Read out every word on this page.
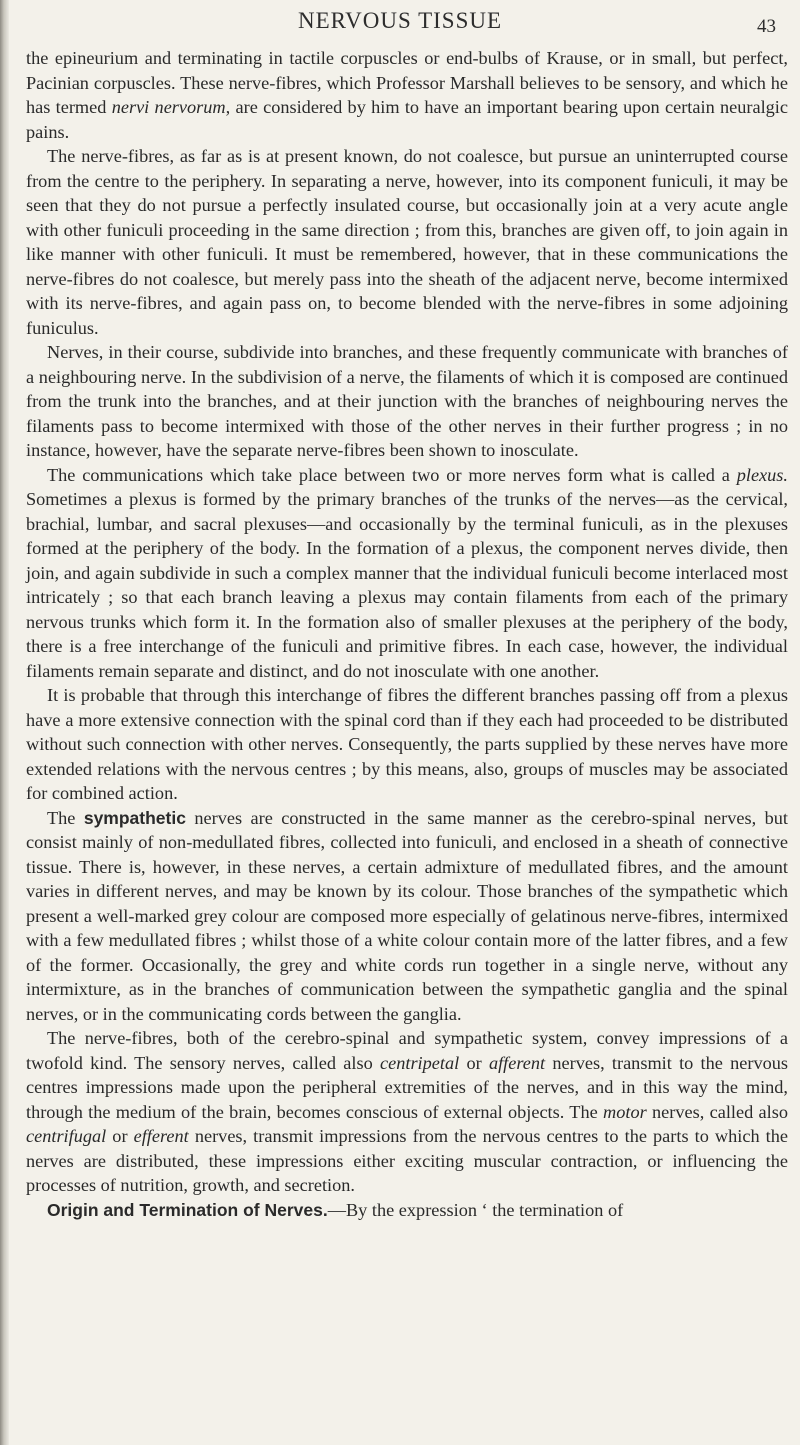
NERVOUS TISSUE	43

the epineurium and terminating in tactile corpuscles or end-bulbs of Krause, or in small, but perfect, Pacinian corpuscles. These nerve-fibres, which Professor Marshall believes to be sensory, and which he has termed nervi nervorum, are considered by him to have an important bearing upon certain neuralgic pains.

The nerve-fibres, as far as is at present known, do not coalesce, but pursue an uninterrupted course from the centre to the periphery. In separating a nerve, however, into its component funiculi, it may be seen that they do not pursue a perfectly insulated course, but occasionally join at a very acute angle with other funiculi proceeding in the same direction ; from this, branches are given off, to join again in like manner with other funiculi. It must be remembered, however, that in these communications the nerve-fibres do not coalesce, but merely pass into the sheath of the adjacent nerve, become intermixed with its nerve-fibres, and again pass on, to become blended with the nerve-fibres in some adjoining funiculus.

Nerves, in their course, subdivide into branches, and these frequently communicate with branches of a neighbouring nerve. In the subdivision of a nerve, the filaments of which it is composed are continued from the trunk into the branches, and at their junction with the branches of neighbouring nerves the filaments pass to become intermixed with those of the other nerves in their further progress ; in no instance, however, have the separate nerve-fibres been shown to inosculate.

The communications which take place between two or more nerves form what is called a plexus. Sometimes a plexus is formed by the primary branches of the trunks of the nerves—as the cervical, brachial, lumbar, and sacral plexuses—and occasionally by the terminal funiculi, as in the plexuses formed at the periphery of the body. In the formation of a plexus, the component nerves divide, then join, and again subdivide in such a complex manner that the individual funiculi become interlaced most intricately ; so that each branch leaving a plexus may contain filaments from each of the primary nervous trunks which form it. In the formation also of smaller plexuses at the periphery of the body, there is a free interchange of the funiculi and primitive fibres. In each case, however, the individual filaments remain separate and distinct, and do not inosculate with one another.

It is probable that through this interchange of fibres the different branches passing off from a plexus have a more extensive connection with the spinal cord than if they each had proceeded to be distributed without such connection with other nerves. Consequently, the parts supplied by these nerves have more extended relations with the nervous centres ; by this means, also, groups of muscles may be associated for combined action.

The sympathetic nerves are constructed in the same manner as the cerebro-spinal nerves, but consist mainly of non-medullated fibres, collected into funiculi, and enclosed in a sheath of connective tissue. There is, however, in these nerves, a certain admixture of medullated fibres, and the amount varies in different nerves, and may be known by its colour. Those branches of the sympathetic which present a well-marked grey colour are composed more especially of gelatinous nerve-fibres, intermixed with a few medullated fibres ; whilst those of a white colour contain more of the latter fibres, and a few of the former. Occasionally, the grey and white cords run together in a single nerve, without any intermixture, as in the branches of communication between the sympathetic ganglia and the spinal nerves, or in the communicating cords between the ganglia.

The nerve-fibres, both of the cerebro-spinal and sympathetic system, convey impressions of a twofold kind. The sensory nerves, called also centripetal or afferent nerves, transmit to the nervous centres impressions made upon the peripheral extremities of the nerves, and in this way the mind, through the medium of the brain, becomes conscious of external objects. The motor nerves, called also centrifugal or efferent nerves, transmit impressions from the nervous centres to the parts to which the nerves are distributed, these impressions either exciting muscular contraction, or influencing the processes of nutrition, growth, and secretion.

Origin and Termination of Nerves.—By the expression ‘ the termination of
